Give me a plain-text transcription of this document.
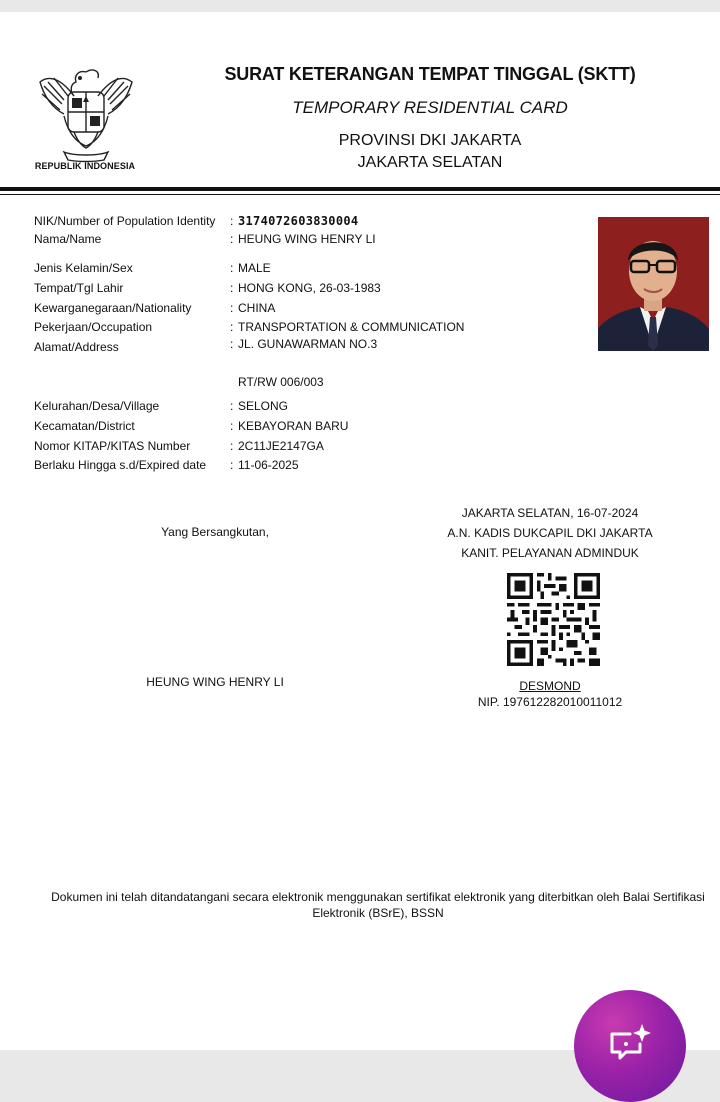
REPUBLIK INDONESIA
SURAT KETERANGAN TEMPAT TINGGAL (SKTT)
TEMPORARY RESIDENTIAL CARD
PROVINSI DKI JAKARTA
JAKARTA SELATAN
NIK/Number of Population Identity : 3174072603830004
Nama/Name	: HEUNG WING HENRY LI
Jenis Kelamin/Sex	: MALE
Tempat/Tgl Lahir	: HONG KONG, 26-03-1983
Kewarganegaraan/Nationality	: CHINA
Pekerjaan/Occupation	: TRANSPORTATION & COMMUNICATION
Alamat/Address	: JL. GUNAWARMAN NO.3
RT/RW 006/003
Kelurahan/Desa/Village	: SELONG
Kecamatan/District	: KEBAYORAN BARU
Nomor KITAP/KITAS Number	: 2C11JE2147GA
Berlaku Hingga s.d/Expired date : 11-06-2025
Yang Bersangkutan,
HEUNG WING HENRY LI
JAKARTA SELATAN, 16-07-2024
A.N. KADIS DUKCAPIL DKI JAKARTA
KANIT. PELAYANAN ADMINDUK
DESMOND
NIP. 197612282010011012
Dokumen ini telah ditandatangani secara elektronik menggunakan sertifikat elektronik yang diterbitkan oleh Balai Sertifikasi
Elektronik (BSrE), BSSN
